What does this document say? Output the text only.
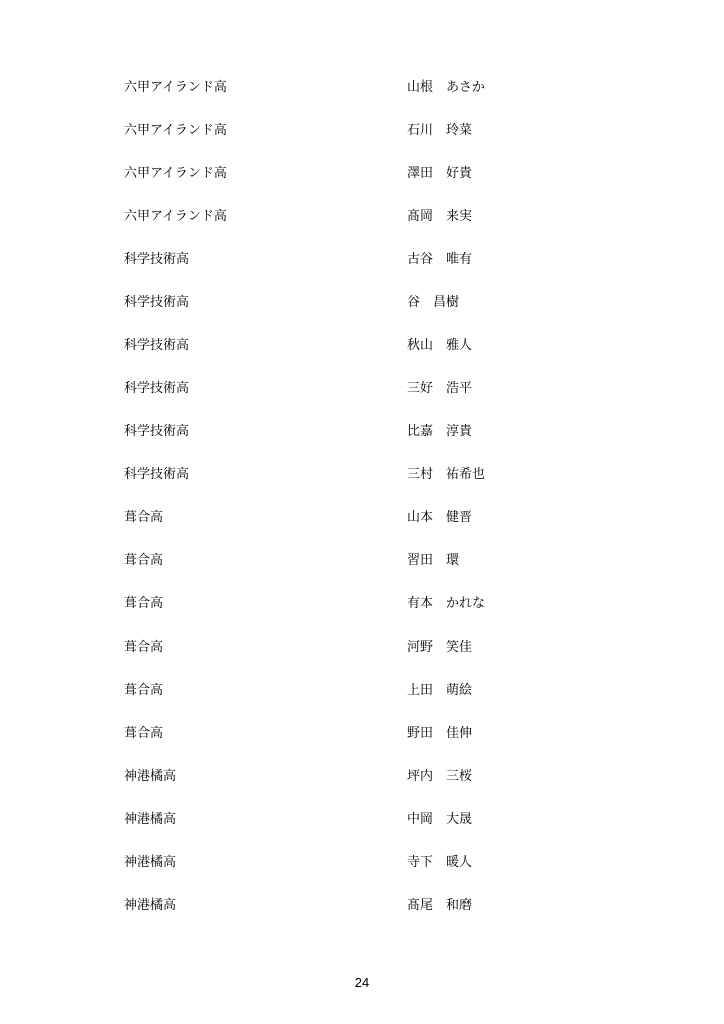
六甲アイランド高	山根　あさか
六甲アイランド高	石川　玲菜
六甲アイランド高	澤田　好貴
六甲アイランド高	髙岡　来実
科学技術高	古谷　唯有
科学技術高	谷　昌樹
科学技術高	秋山　雅人
科学技術高	三好　浩平
科学技術高	比嘉　淳貴
科学技術高	三村　祐希也
葺合高	山本　健晋
葺合高	習田　環
葺合高	有本　かれな
葺合高	河野　笑佳
葺合高	上田　萌絵
葺合高	野田　佳伸
神港橘高	坪内　三桜
神港橘高	中岡　大晟
神港橘高	寺下　暖人
神港橘高	髙尾　和磨
24
